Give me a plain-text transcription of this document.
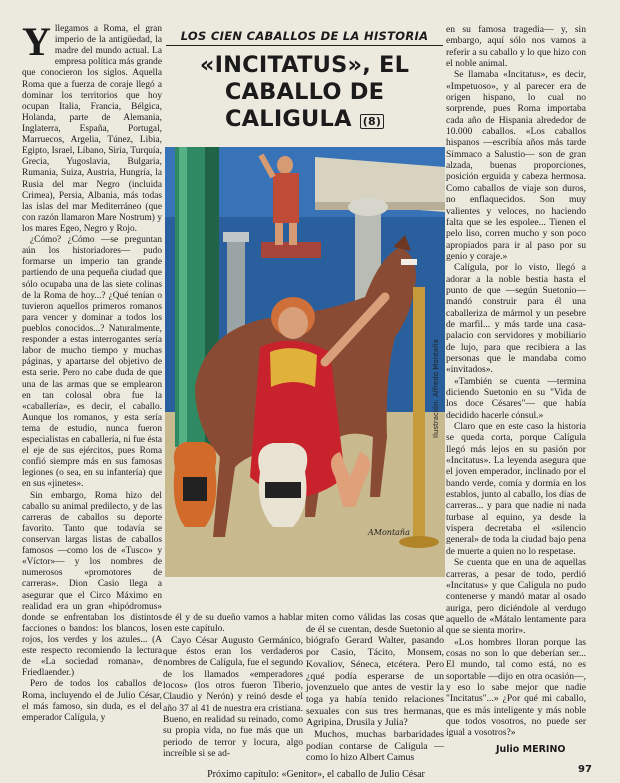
Yllegamos a Roma, el gran imperio de la antigüedad, la madre del mundo actual. La empresa política más grande que conocieron los siglos. Aquella Roma que a fuerza de coraje llegó a dominar los territorios que hoy ocupan Italia, Francia, Bélgica, Holanda, parte de Alemania, Inglaterra, España, Portugal, Marruecos, Argelia, Túnez, Libia, Egipto, Israel, Líbano, Siria, Turquía, Grecia, Yugoslavia, Bulgaria, Rumania, Suiza, Austria, Hungría, la Rusia del mar Negro (incluida Crimea), Persia, Albania, más todas las islas del mar Mediterráneo (que con razón llamaron Mare Nostrum) y los mares Egeo, Negro y Rojo.

¿Cómo? ¿Cómo —se preguntan aún los historiadores— pudo formarse un imperio tan grande partiendo de una pequeña ciudad que sólo ocupaba una de las siete colinas de la Roma de hoy...? ¿Qué tenían o tuvieron aquellos primeros romanos para vencer y dominar a todos los pueblos conocidos...? Naturalmente, responder a estas interrogantes sería labor de mucho tiempo y muchas páginas, y apartarse del objetivo de esta serie. Pero no cabe duda de que una de las armas que se emplearon en tan colosal obra fue la «caballería», es decir, el caballo. Aunque los romanos, y esta sería tema de estudio, nunca fueron especialistas en caballería, ni fue ésta el eje de sus ejércitos, pues Roma confió siempre más en sus famosas legiones (o sea, en su infantería) que en sus «jinetes».

Sin embargo, Roma hizo del caballo su animal predilecto, y de las carreras de caballos su deporte favorito. Tanto que todavía se conservan largas listas de caballos famosos —como los de «Tusco» y «Víctor»— y los nombres de numerosos «promotores de carreras». Dion Casio llega a asegurar que el Circo Máximo en realidad era un gran «hipódromus» donde se enfrentaban los distintos facciones o bandos: los blancos, los rojos, los verdes y los azules... (A este respecto recomiendo la lectura de «La sociedad romana», de Friedlaender.)

Pero de todos los caballos de Roma, incluyendo el de Julio César, el más famoso, sin duda, es el del emperador Calígula, y

LOS CIEN CABALLOS DE LA HISTORIA
«INCITATUS», EL CABALLO DE CALIGULA (8)
AMontaña
Ilustración: Alfredo Montaña

de él y de su dueño vamos a hablar en este capítulo.

Cayo César Augusto Germánico, que éstos eran los verdaderos nombres de Calígula, fue el segundo de los llamados «emperadores locos» (los otros fueron Tiberio, Claudio y Nerón) y reinó desde el año 37 al 41 de nuestra era cristiana. Bueno, en realidad su reinado, como su propia vida, no fue más que un periodo de terror y locura, algo increíble si se ad-

miten como válidas las cosas que de él se cuentan, desde Suetonio al biógrafo Gerard Walter, pasando por Casio, Tácito, Monsem, Kovaliov, Séneca, etcétera. Pero ¿qué podía esperarse de un jovenzuelo que antes de vestir la toga ya había tenido relaciones sexuales con sus tres hermanas, Agripina, Drusila y Julia?

Muchos, muchas barbaridades podían contarse de Calígula —como lo hizo Albert Camus

en su famosa tragedia— y, sin embargo, aquí sólo nos vamos a referir a su caballo y lo que hizo con el noble animal.

Se llamaba «Incitatus», es decir, «Impetuoso», y al parecer era de origen hispano, lo cual no sorprende, pues Roma importaba cada año de Hispania alrededor de 10.000 caballos. «Los caballos hispanos —escribía años más tarde Símmaco a Salustio— son de gran alzada, buenas proporciones, posición erguida y cabeza hermosa. Como caballos de viaje son duros, no enflaquecidos. Son muy valientes y veloces, no haciendo falta que se les espolee... Tienen el pelo liso, corren mucho y son poco apropiados para ir al paso por su genio y coraje.»

Calígula, por lo visto, llegó a adorar a la noble bestia hasta el punto de que —según Suetonio— mandó construir para él una caballeriza de mármol y un pesebre de marfil... y más tarde una casa-palacio con servidores y mobiliario de lujo, para que recibiera a las personas que le mandaba como «invitados».

«También se cuenta —termina diciendo Suetonio en su "Vida de los doce Césares"— que había decidido hacerle cónsul.»

Claro que en este caso la historia se queda corta, porque Calígula llegó más lejos en su pasión por «Incitatus». La leyenda asegura que el joven emperador, inclinado por el bando verde, comía y dormía en los establos, junto al caballo, los días de carreras... y para que nadie ni nada turbase al equino, ya desde la víspera decretaba el «silencio general» de toda la ciudad bajo pena de muerte a quien no lo respetase.

Se cuenta que en una de aquellas carreras, a pesar de todo, perdió «Incitatus» y que Calígula no pudo contenerse y mandó matar al osado auriga, pero diciéndole al verdugo aquello de «Mátalo lentamente para que se sienta morir».

«Los hombres lloran porque las cosas no son lo que deberían ser... El mundo, tal como está, no es soportable —dijo en otra ocasión—, y eso lo sabe mejor que nadie "Incitatus"...» ¿Por qué mi caballo, que es más inteligente y más noble que todos vosotros, no puede ser igual a vosotros?»

Julio MERINO
Próximo capítulo: «Genitor», el caballo de Julio César	97
